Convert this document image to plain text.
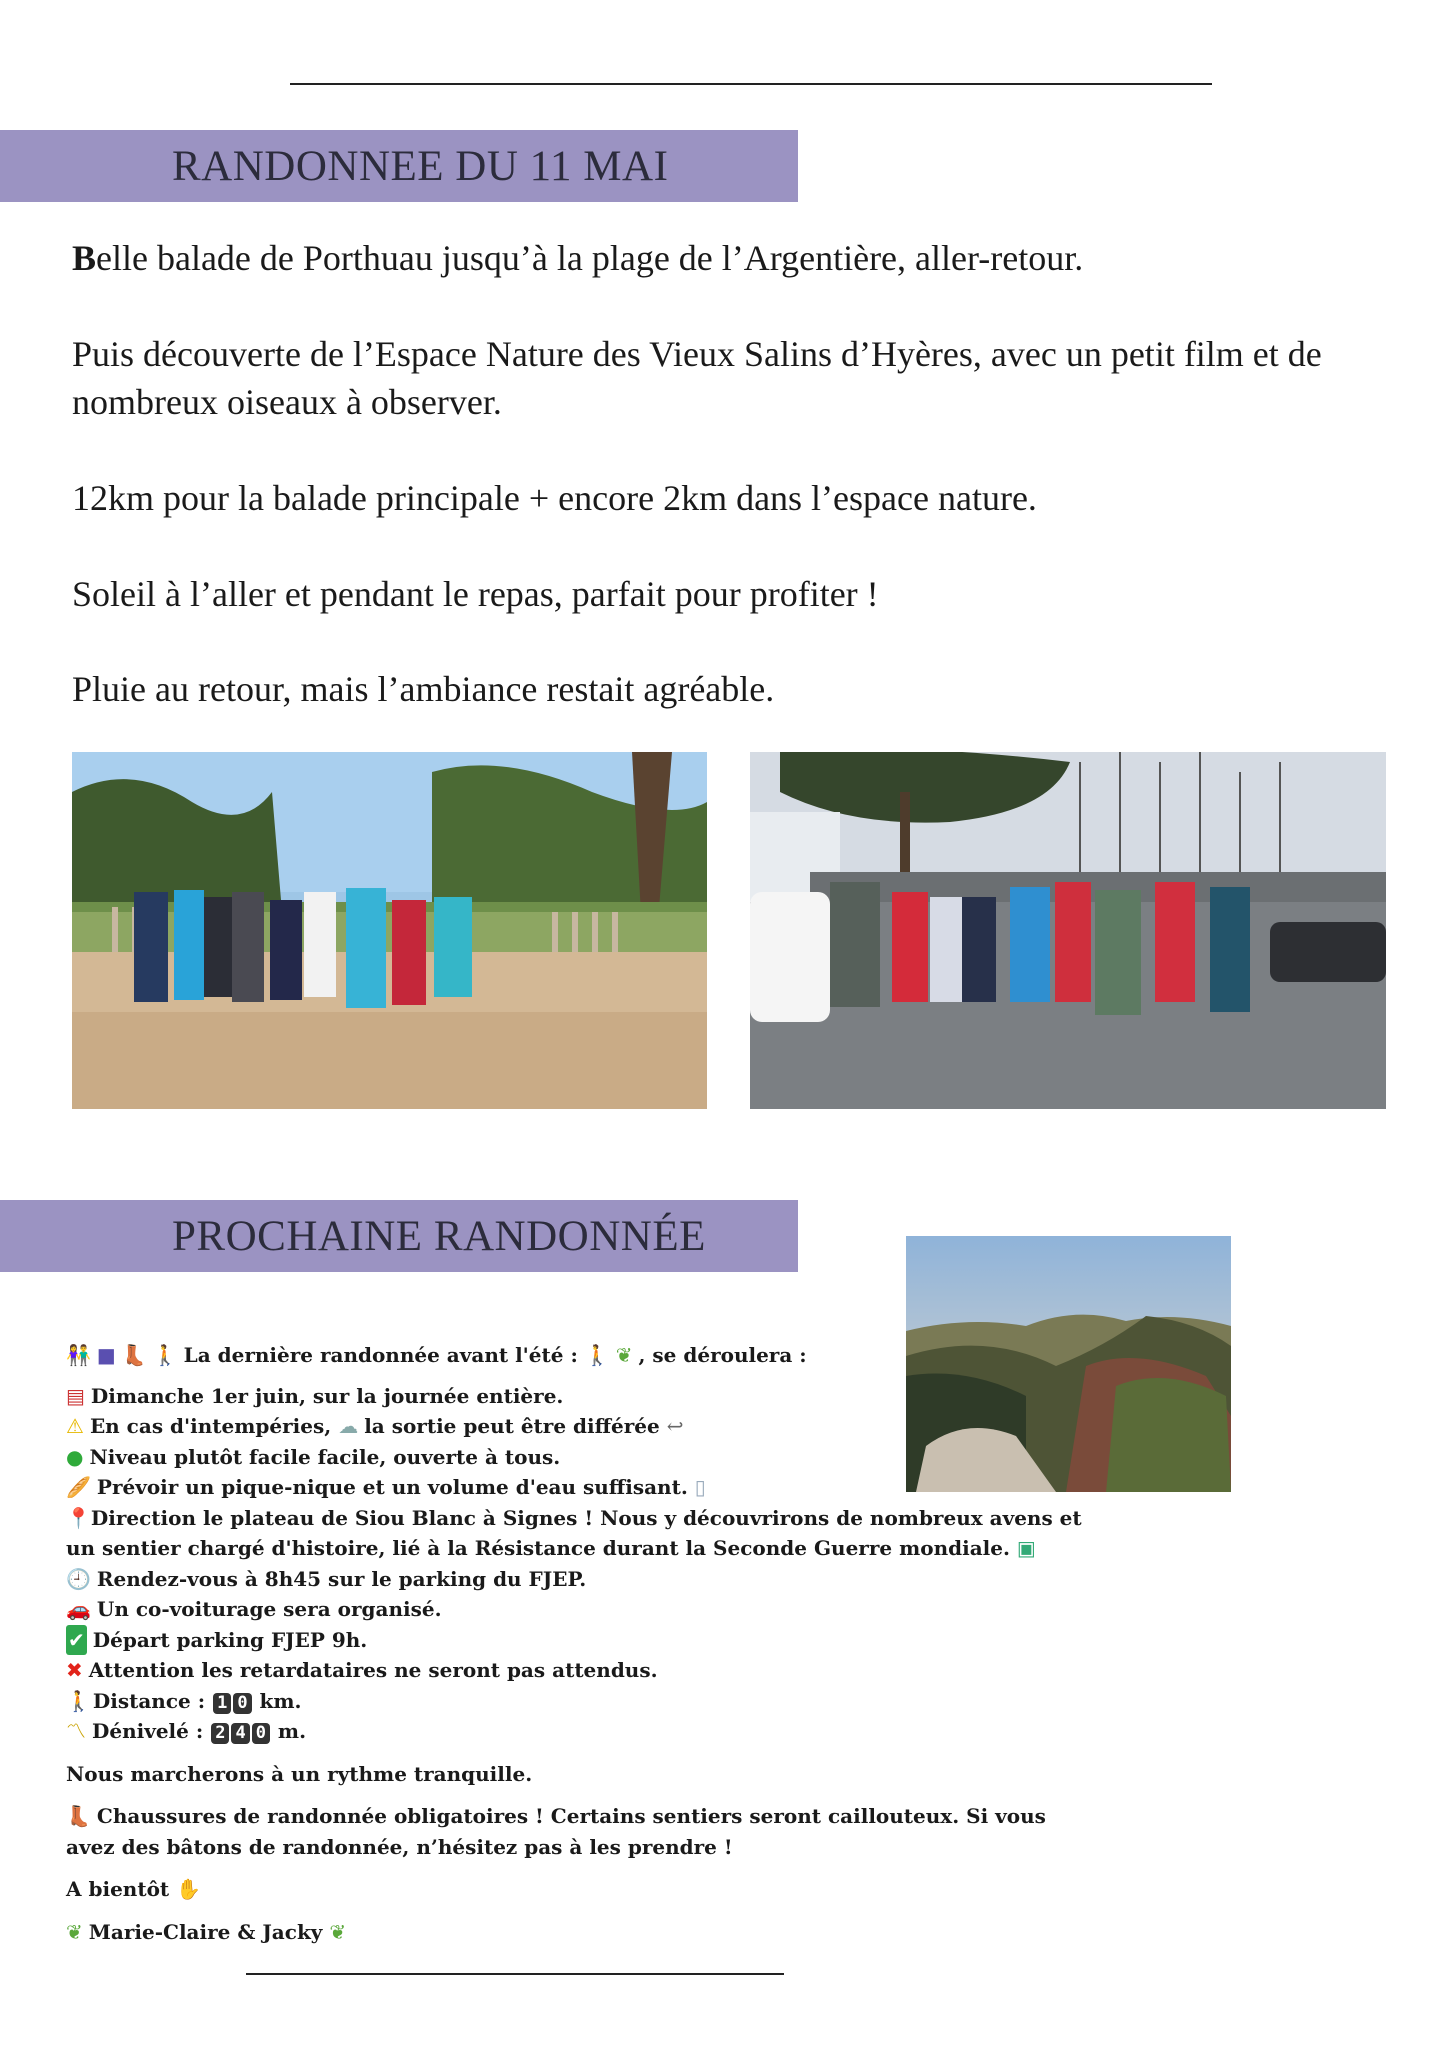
RANDONNEE DU 11 MAI

Belle balade de Porthuau jusqu’à la plage de l’Argentière, aller-retour.

Puis découverte de l’Espace Nature des Vieux Salins d’Hyères, avec un petit film et de nombreux oiseaux à observer.

12km pour la balade principale + encore 2km dans l’espace nature.

Soleil à l’aller et pendant le repas, parfait pour profiter !

Pluie au retour, mais l’ambiance restait agréable.

PROCHAINE RANDONNÉE
👫 ■ 👢 🚶 La dernière randonnée avant l'été : 🚶 ❦ , se déroulera :
▤ Dimanche 1er juin, sur la journée entière.
⚠ En cas d'intempéries, ☁ la sortie peut être différée ↩
● Niveau plutôt facile facile, ouverte à tous.
🥖 Prévoir un pique-nique et un volume d'eau suffisant. ▯
📍Direction le plateau de Siou Blanc à Signes ! Nous y découvrirons de nombreux avens et
un sentier chargé d'histoire, lié à la Résistance durant la Seconde Guerre mondiale. ▣
🕘 Rendez-vous à 8h45 sur le parking du FJEP.
🚗 Un co-voiturage sera organisé.
✔ Départ parking FJEP 9h.
✖ Attention les retardataires ne seront pas attendus.
🚶 Distance : 1 0 km.
〽 Dénivelé : 2 4 0 m.
Nous marcherons à un rythme tranquille.
👢 Chaussures de randonnée obligatoires ! Certains sentiers seront caillouteux. Si vous
avez des bâtons de randonnée, n’hésitez pas à les prendre !
A bientôt ✋
❦ Marie-Claire & Jacky ❦
